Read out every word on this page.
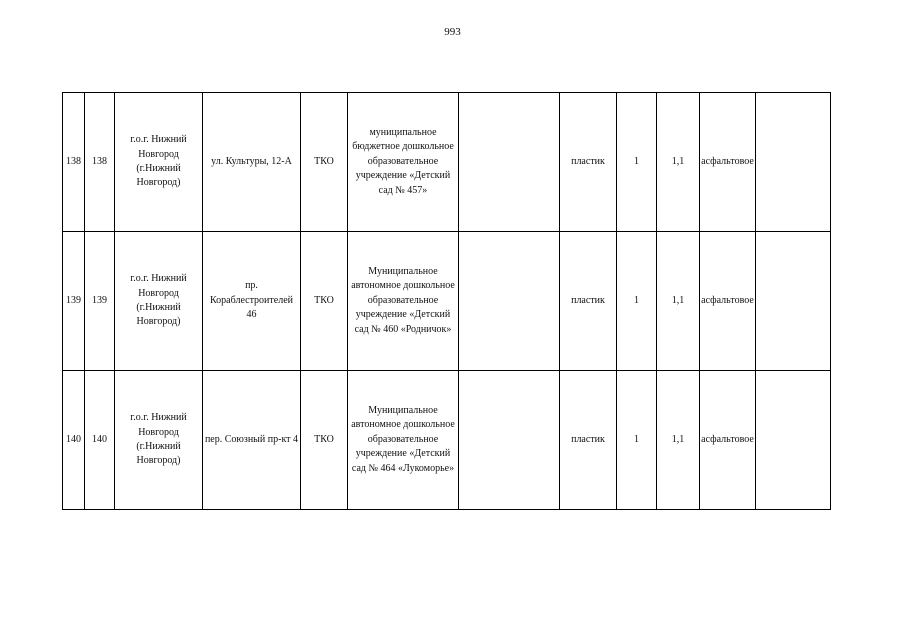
993
138	138	г.о.г. Нижний Новгород (г.Нижний Новгород)	ул. Культуры, 12-А	ТКО	муниципальное бюджетное дошкольное образовательное учреждение «Детский сад № 457»		пластик	1	1,1	асфальтовое	
139	139	г.о.г. Нижний Новгород (г.Нижний Новгород)	пр. Кораблестроителей 46	ТКО	Муниципальное автономное дошкольное образовательное учреждение «Детский сад № 460 «Родничок»		пластик	1	1,1	асфальтовое	
140	140	г.о.г. Нижний Новгород (г.Нижний Новгород)	пер. Союзный пр-кт 4	ТКО	Муниципальное автономное дошкольное образовательное учреждение «Детский сад № 464 «Лукоморье»		пластик	1	1,1	асфальтовое	
